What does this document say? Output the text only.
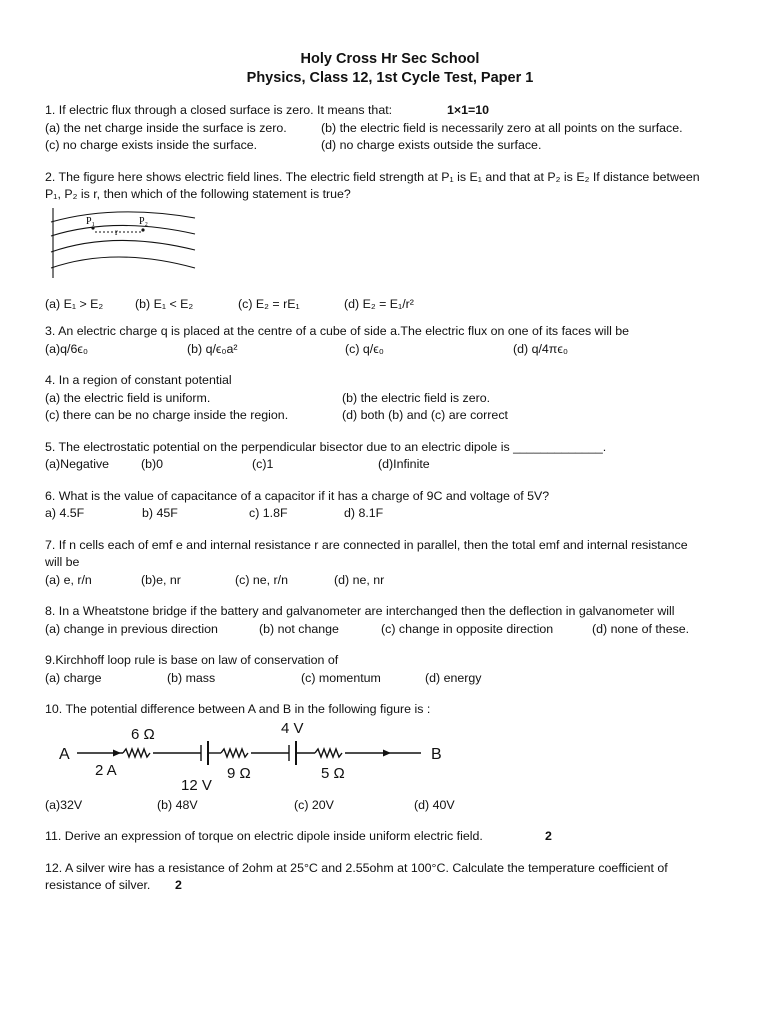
Holy Cross Hr Sec School
Physics, Class 12, 1st Cycle Test, Paper 1
1. If electric flux through a closed surface is zero. It means that:	1×1=10
(a) the net charge inside the surface is zero.	(b) the electric field is necessarily zero at all points on the surface.
(c) no charge exists inside the surface.	(d) no charge exists outside the surface.
2. The figure here shows electric field lines. The electric field strength at P₁ is E₁ and that at P₂ is E₂ If distance between
P₁, P₂ is r, then which of the following statement is true?
P₁	P₂
r
(a) E₁ > E₂	(b) E₁ < E₂	(c) E₂ = rE₁	(d) E₂ = E₁/r²
3. An electric charge q is placed at the centre of a cube of side a.The electric flux on one of its faces will be
(a)q/6ϵ₀	(b) q/ϵ₀a²	(c) q/ϵ₀	(d) q/4πϵ₀
4. In a region of constant potential
(a) the electric field is uniform.	(b) the electric field is zero.
(c) there can be no charge inside the region.	(d) both (b) and (c) are correct
5. The electrostatic potential on the perpendicular bisector due to an electric dipole is _____________.
(a)Negative	(b)0	(c)1	(d)Infinite
6. What is the value of capacitance of a capacitor if it has a charge of 9C and voltage of 5V?
a) 4.5F	b) 45F	c) 1.8F	d) 8.1F
7. If n cells each of emf e and internal resistance r are connected in parallel, then the total emf and internal resistance
will be
(a) e, r/n	(b)e, nr	(c) ne, r/n	(d) ne, nr
8. In a Wheatstone bridge if the battery and galvanometer are interchanged then the deflection in galvanometer will
(a) change in previous direction	(b) not change	(c) change in opposite direction	(d) none of these.
9.Kirchhoff loop rule is base on law of conservation of
(a) charge	(b) mass	(c) momentum	(d) energy
10. The potential difference between A and B in the following figure is :
A	B
2 A
6 Ω
9 Ω	5 Ω
12 V
4 V
(a)32V	(b) 48V	(c) 20V	(d) 40V
11. Derive an expression of torque on electric dipole inside uniform electric field.	2
12. A silver wire has a resistance of 2ohm at 25°C and 2.55ohm at 100°C. Calculate the temperature coefficient of
resistance of silver. 2
